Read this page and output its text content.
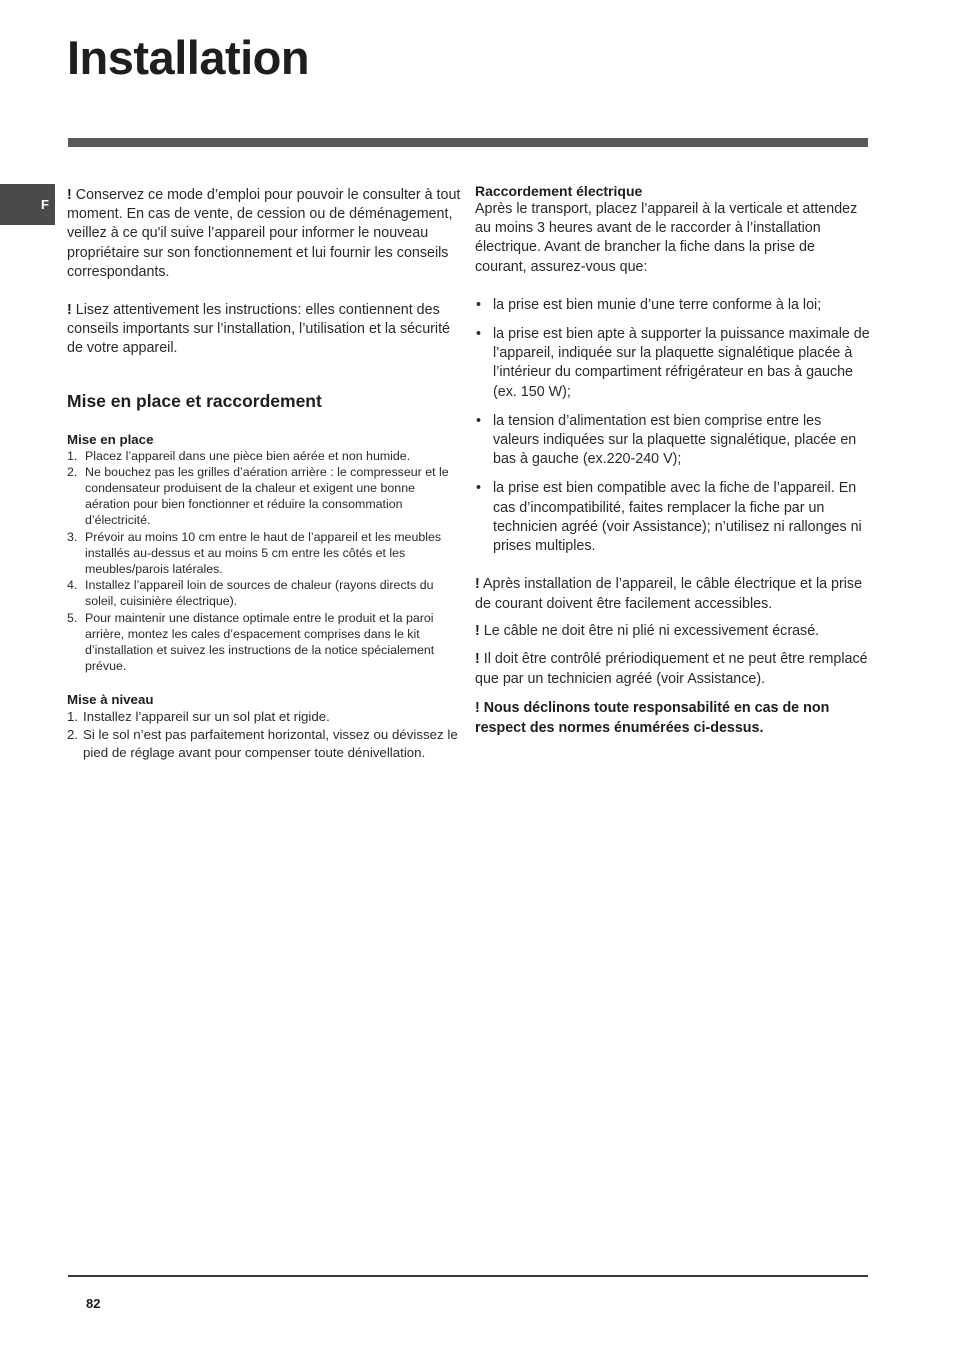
Installation
F

! Conservez ce mode d’emploi pour pouvoir le consulter à tout moment. En cas de vente, de cession ou de déménagement, veillez à ce qu'il suive l’appareil pour informer le nouveau propriétaire sur son fonctionnement et lui fournir les conseils correspondants.

! Lisez attentivement les instructions: elles contiennent des conseils importants sur l’installation, l’utilisation et la sécurité de votre appareil.

Mise en place et raccordement
Mise en place
1. Placez l’appareil dans une pièce bien aérée et non humide.
2. Ne bouchez pas les grilles d’aération arrière : le compresseur et le condensateur produisent de la chaleur et exigent une bonne aération pour bien fonctionner et réduire la consommation d’électricité.
3. Prévoir au moins 10 cm entre le haut de l’appareil et les meubles installés au-dessus et au moins 5 cm entre les côtés et les meubles/parois latérales.
4. Installez l’appareil loin de sources de chaleur (rayons directs du soleil, cuisinière électrique).
5. Pour maintenir une distance optimale entre le produit et la paroi arrière, montez les cales d’espacement comprises dans le kit d’installation et suivez les instructions de la notice spécialement prévue.
Mise à niveau
1. Installez l’appareil sur un sol plat et rigide.
2. Si le sol n’est pas parfaitement horizontal, vissez ou dévissez le pied de réglage avant pour compenser toute dénivellation.
Raccordement électrique

Après le transport, placez l’appareil à la verticale et attendez au moins 3 heures avant de le raccorder à l’installation électrique. Avant de brancher la fiche dans la prise de courant, assurez-vous que:

• la prise est bien munie d’une terre conforme à la loi;
• la prise est bien apte à supporter la puissance maximale de l’appareil, indiquée sur la plaquette signalétique placée à l’intérieur du compartiment réfrigérateur en bas à gauche (ex. 150 W);
• la tension d’alimentation est bien comprise entre les valeurs indiquées sur la plaquette signalétique, placée en bas à gauche (ex.220-240 V);
• la prise est bien compatible avec la fiche de l’appareil. En cas d’incompatibilité, faites remplacer la fiche par un technicien agréé (voir Assistance); n’utilisez ni rallonges ni prises multiples.

! Après installation de l’appareil, le câble électrique et la prise de courant doivent être facilement accessibles.

! Le câble ne doit être ni plié ni excessivement écrasé.

! Il doit être contrôlé prériodiquement et ne peut être remplacé que par un technicien agréé (voir Assistance).

! Nous déclinons toute responsabilité en cas de non respect des normes énumérées ci-dessus.

82
